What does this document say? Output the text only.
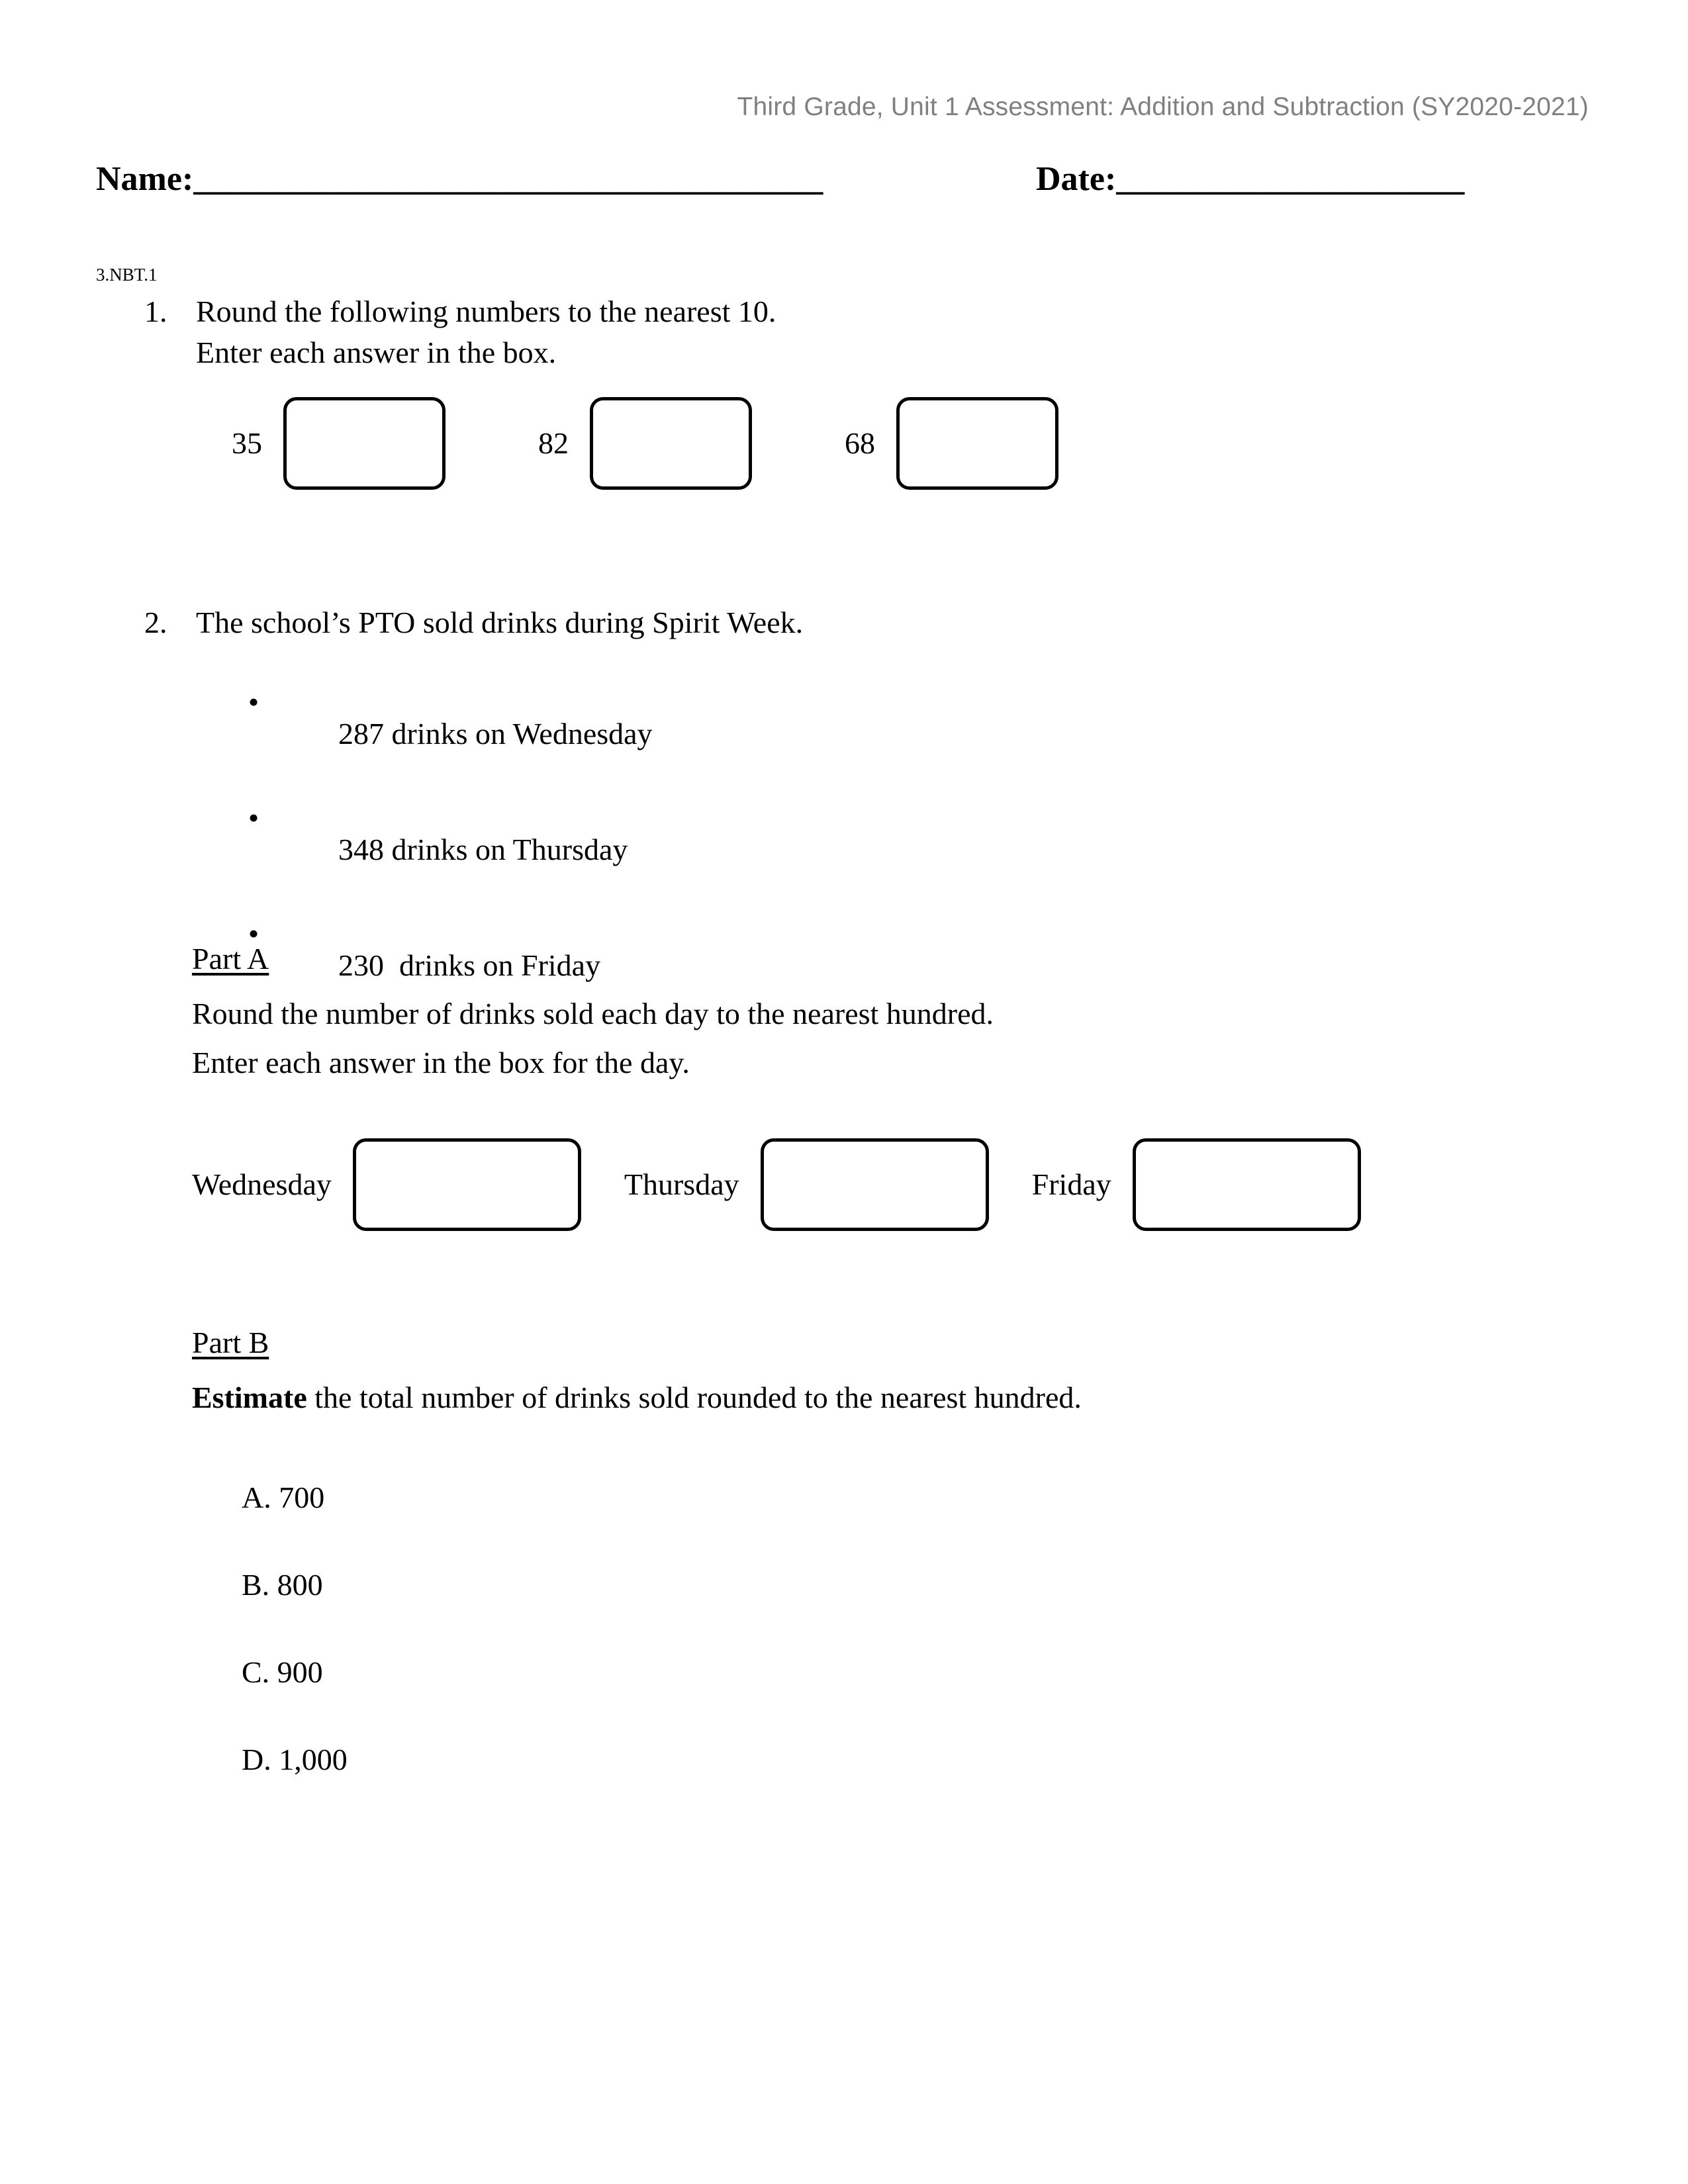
Third Grade, Unit 1 Assessment: Addition and Subtraction (SY2020-2021)
Name: ______________________________________	Date: _____________________
3.NBT.1
1. Round the following numbers to the nearest 10.
Enter each answer in the box.
35	82	68
2. The school’s PTO sold drinks during Spirit Week.

•
287 drinks on Wednesday

•
348 drinks on Thursday

•
230  drinks on Friday

Part A
Round the number of drinks sold each day to the nearest hundred.
Enter each answer in the box for the day.
Wednesday	Thursday	Friday
Part B
Estimate the total number of drinks sold rounded to the nearest hundred.
A. 700
B. 800
C. 900
D. 1,000
